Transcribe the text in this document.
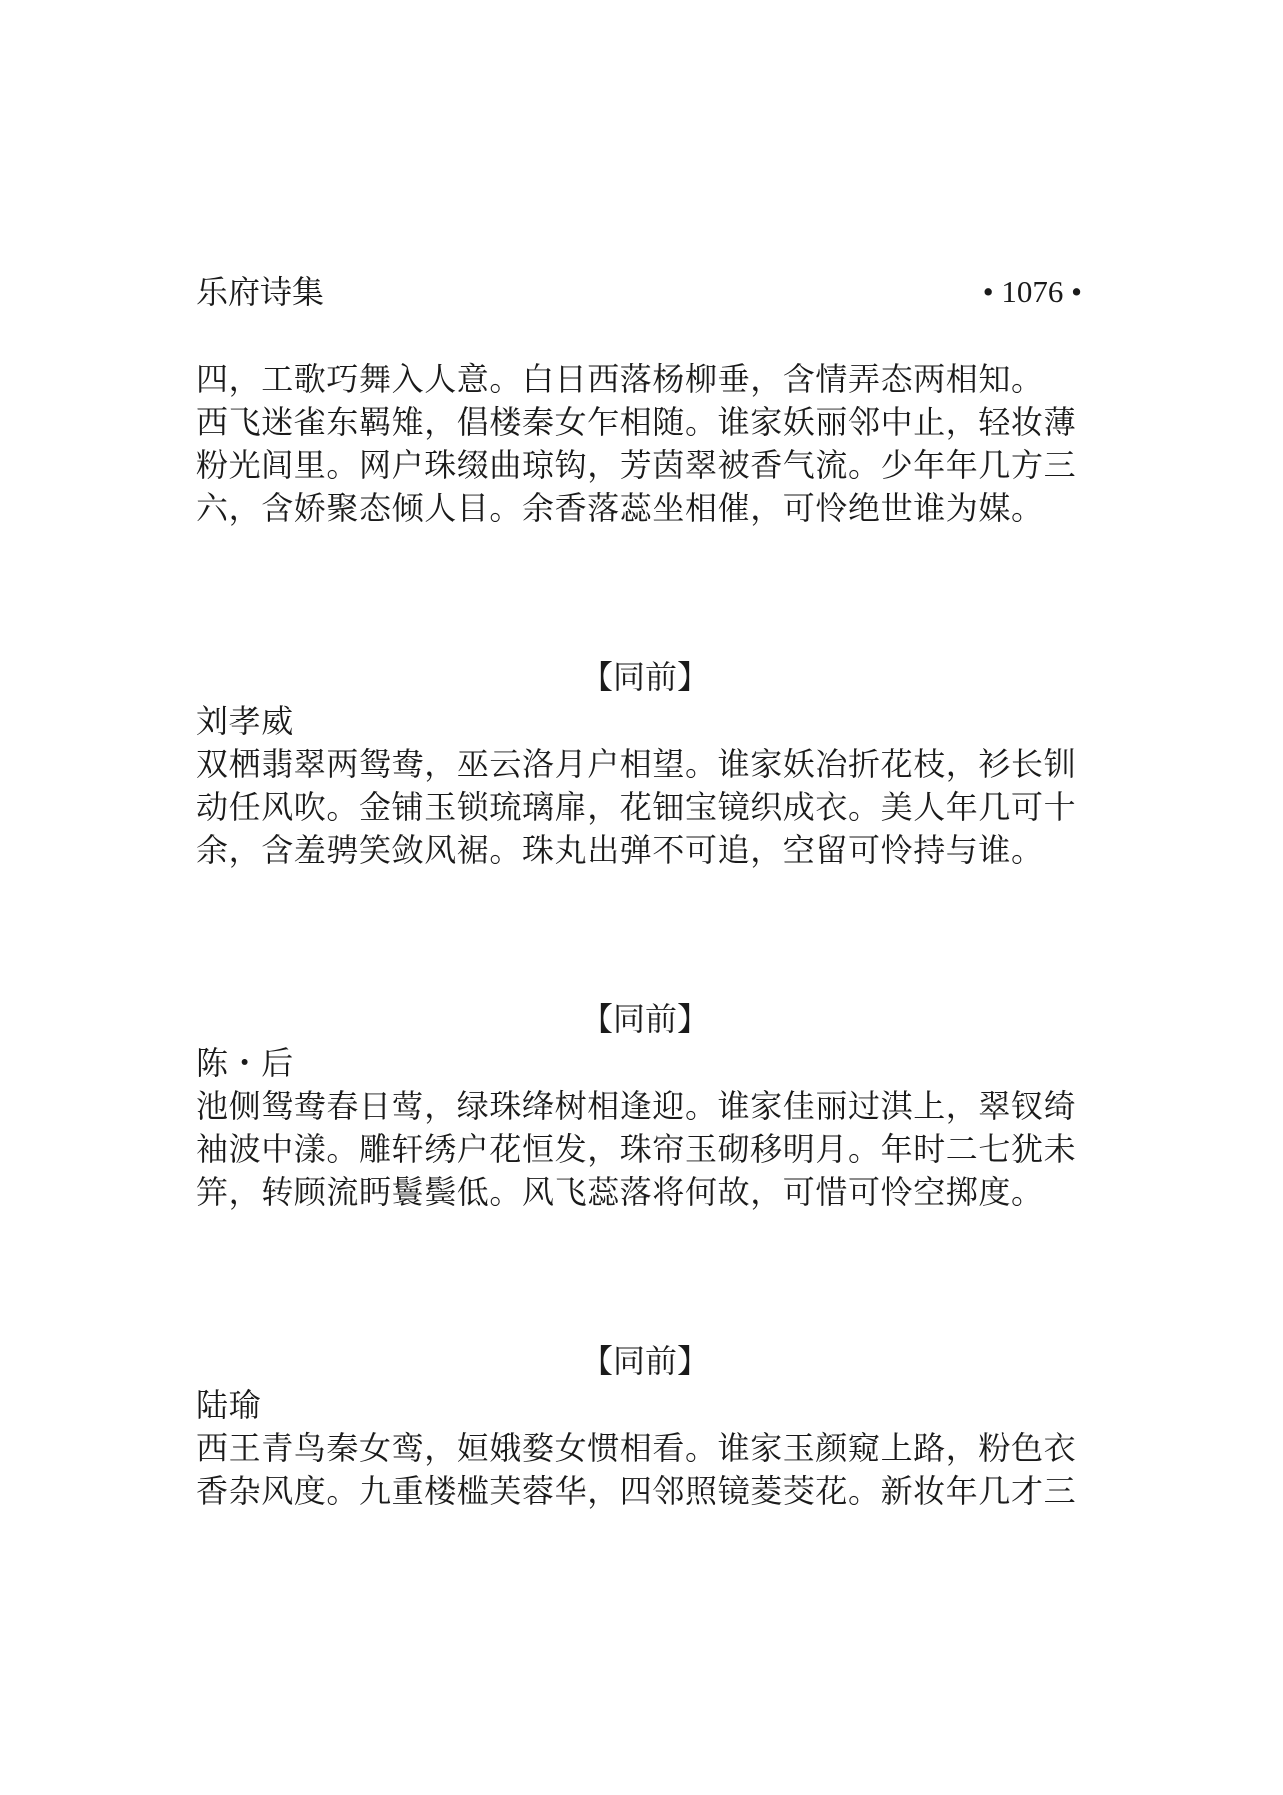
乐府诗集	• 1076 •
四，工歌巧舞入人意。白日西落杨柳垂，含情弄态两相知。
西飞迷雀东羁雉，倡楼秦女乍相随。谁家妖丽邻中止，轻妆薄
粉光闾里。网户珠缀曲琼钩，芳茵翠被香气流。少年年几方三
六，含娇聚态倾人目。余香落蕊坐相催，可怜绝世谁为媒。
【同前】
刘孝威
双栖翡翠两鸳鸯，巫云洛月户相望。谁家妖冶折花枝，衫长钏
动任风吹。金铺玉锁琉璃扉，花钿宝镜织成衣。美人年几可十
余，含羞骋笑敛风裾。珠丸出弹不可追，空留可怜持与谁。
【同前】
陈・后
池侧鸳鸯春日莺，绿珠绛树相逢迎。谁家佳丽过淇上，翠钗绮
袖波中漾。雕轩绣户花恒发，珠帘玉砌移明月。年时二七犹未
笄，转顾流眄鬟鬓低。风飞蕊落将何故，可惜可怜空掷度。
【同前】
陆瑜
西王青鸟秦女鸾，姮娥婺女惯相看。谁家玉颜窥上路，粉色衣
香杂风度。九重楼槛芙蓉华，四邻照镜菱茭花。新妆年几才三
